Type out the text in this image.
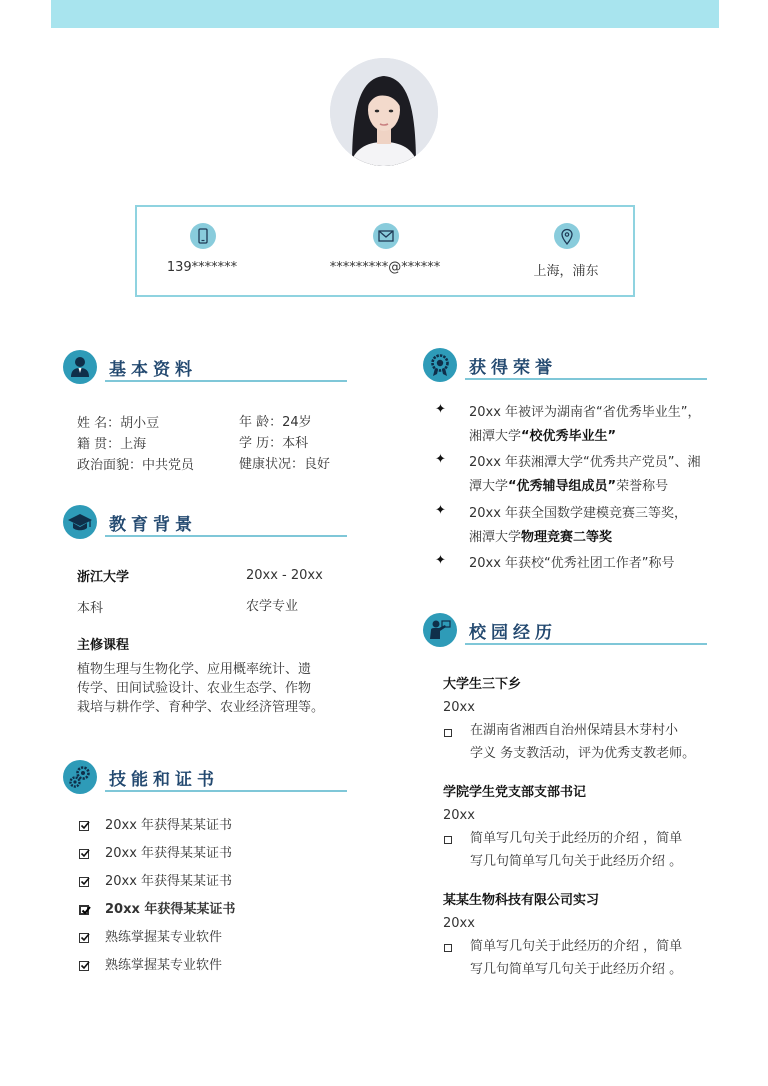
139*******	*********@******	上海，浦东
基本资料
姓 名：胡小豆	年 龄：24岁
籍 贯：上海	学 历：本科
政治面貌：中共党员	健康状况：良好
教育背景
浙江大学	20xx - 20xx
本科	农学专业
主修课程
植物生理与生物化学、应用概率统计、遗
传学、田间试验设计、农业生态学、作物
栽培与耕作学、育种学、农业经济管理等。
技能和证书
20xx 年获得某某证书
20xx 年获得某某证书
20xx 年获得某某证书
20xx 年获得某某证书
熟练掌握某专业软件
熟练掌握某专业软件
获得荣誉
✦ 20xx 年被评为湖南省“省优秀毕业生”，
湘潭大学“校优秀毕业生”
✦ 20xx 年获湘潭大学“优秀共产党员”、湘
潭大学“优秀辅导组成员”荣誉称号
✦ 20xx 年获全国数学建模竞赛三等奖，
湘潭大学物理竞赛二等奖
✦ 20xx 年获校“优秀社团工作者”称号
校园经历
大学生三下乡
20xx
在湖南省湘西自治州保靖县木芽村小
学义 务支教活动，评为优秀支教老师。
学院学生党支部支部书记
20xx
简单写几句关于此经历的介绍 ，简单
写几句简单写几句关于此经历介绍 。
某某生物科技有限公司实习
20xx
简单写几句关于此经历的介绍 ，简单
写几句简单写几句关于此经历介绍 。
